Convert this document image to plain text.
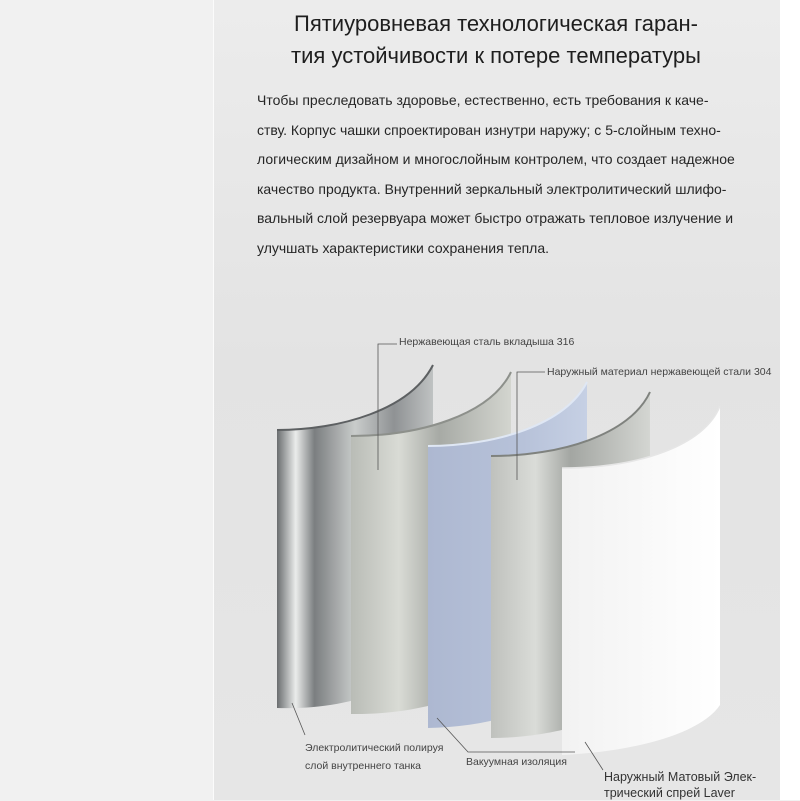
Пятиуровневая технологическая гаран-
тия устойчивости к потере температуры

Чтобы преследовать здоровье, естественно, есть требования к каче-
ству. Корпус чашки спроектирован изнутри наружу; с 5-слойным техно-
логическим дизайном и многослойным контролем, что создает надежное
качество продукта. Внутренний зеркальный электролитический шлифо-
вальный слой резервуара может быстро отражать тепловое излучение и
улучшать характеристики сохранения тепла.

Нержавеющая сталь вкладыша 316
Наружный материал нержавеющей стали 304
Электролитический полируя
слой внутреннего танка	Вакуумная изоляция
Наружный Матовый Элек-
трический спрей Laver
